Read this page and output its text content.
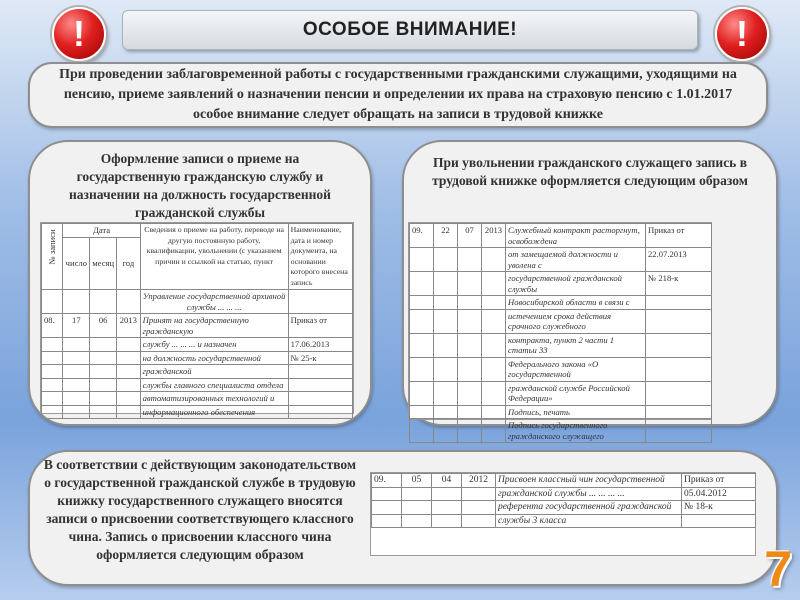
!	!
ОСОБОЕ ВНИМАНИЕ!
При проведении заблаговременной работы с государственными гражданскими служащими, уходящими на пенсию, приеме заявлений о назначении пенсии и определении их права на страховую пенсию с 1.01.2017 особое внимание следует обращать на записи в трудовой книжке
Оформление записи о приеме на государственную гражданскую службу и назначении на должность государственной гражданской службы
№ записи	Дата			Сведения о приеме на работу, переводе на другую постоянную работу, квалификации, увольнении (с указанием причин и ссылкой на статью, пункт	Наименование, дата и номер документа, на основании которого внесена запись
	число	месяц	год		
				Управление государственной архивной службы ... ... ...	
08.	17	06	2013	Принят на государственную гражданскую	Приказ от
				службу ... ... ... и назначен	17.06.2013
				на должность государственной	№ 25-к
				гражданской	
				службы главного специалиста отдела	
				автоматизированных технологий и	
				информационного обеспечения	
При увольнении гражданского служащего запись в трудовой книжке оформляется следующим образом
09.	22	07	2013	Служебный контракт расторгнут, освобождена	Приказ от
				от замещаемой должности и уволена с	22.07.2013
				государственной гражданской службы	№ 218-к
				Новосибирской области в связи с	
				истечением срока действия срочного служебного	
				контракта, пункт 2 части 1 статьи 33	
				Федерального закона «О государственной	
				гражданской службе Российской Федерации»	
				Подпись, печать	
				Подпись государственного гражданского служащего	
В соответствии с действующим законодательством о государственной гражданской службе в трудовую книжку государственного служащего вносятся записи о присвоении соответствующего классного чина. Запись о присвоении классного чина оформляется следующим образом
09.	05	04	2012	Присвоен классный чин государственной	Приказ от
				гражданской службы ... ... ... ...	05.04.2012
				референта государственной гражданской	№ 18-к
				службы 3 класса	
7
